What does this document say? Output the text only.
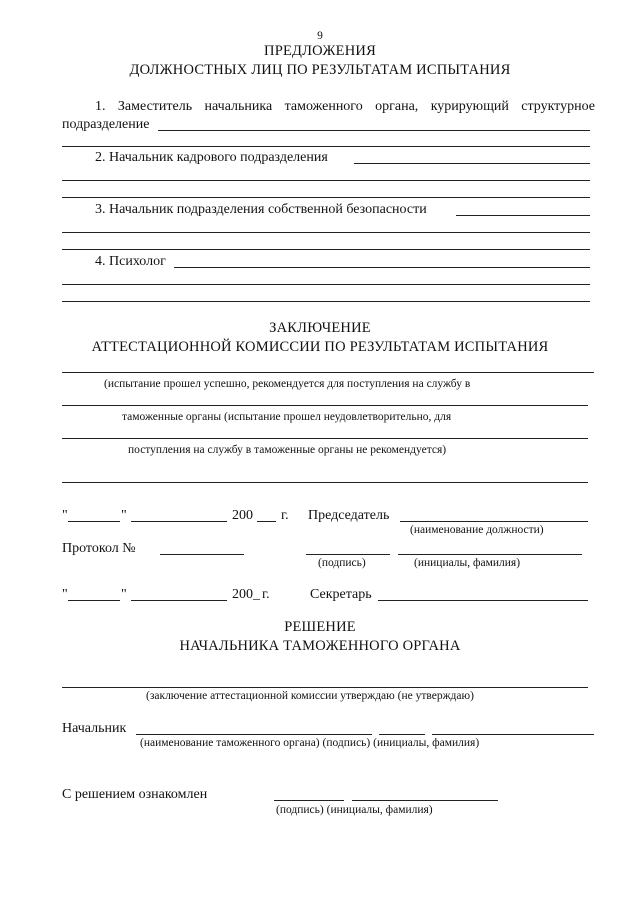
9
ПРЕДЛОЖЕНИЯ
ДОЛЖНОСТНЫХ ЛИЦ ПО РЕЗУЛЬТАТАМ ИСПЫТАНИЯ
1. Заместитель начальника таможенного органа, курирующий структурное
подразделение
2. Начальник кадрового подразделения
3. Начальник подразделения собственной безопасности
4. Психолог
ЗАКЛЮЧЕНИЕ
АТТЕСТАЦИОННОЙ КОМИССИИ ПО РЕЗУЛЬТАТАМ ИСПЫТАНИЯ
(испытание прошел успешно, рекомендуется для поступления на службу в
таможенные органы (испытание прошел неудовлетворительно, для
поступления на службу в таможенные органы не рекомендуется)
"	"	200 г. Председатель
(наименование должности)
Протокол №
(подпись)	(инициалы, фамилия)
"	"	200_ г.	Секретарь
РЕШЕНИЕ
НАЧАЛЬНИКА ТАМОЖЕННОГО ОРГАНА
(заключение аттестационной комиссии утверждаю (не утверждаю)
Начальник
(наименование таможенного органа) (подпись) (инициалы, фамилия)
С решением ознакомлен
(подпись) (инициалы, фамилия)
